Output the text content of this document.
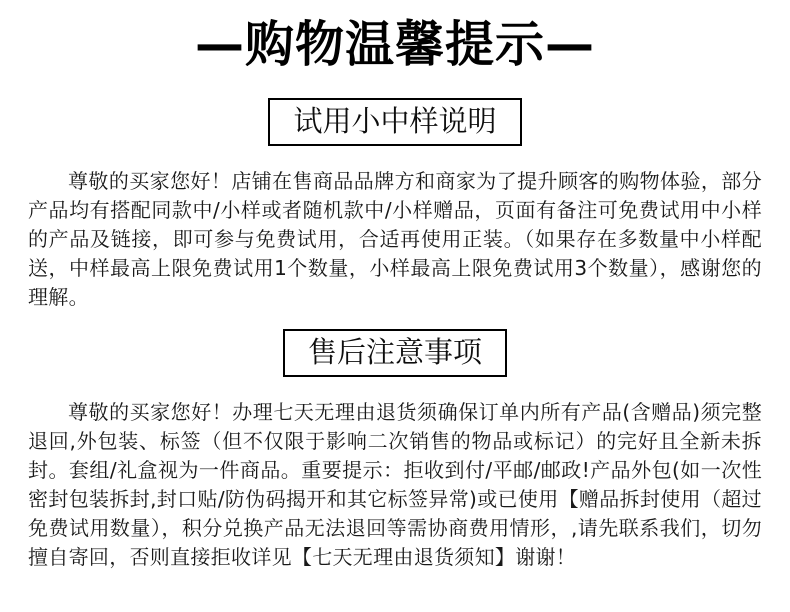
—购物温馨提示—
试用小中样说明

尊敬的买家您好！店铺在售商品品牌方和商家为了提升顾客的购物体验，部分产品均有搭配同款中/小样或者随机款中/小样赠品，页面有备注可免费试用中小样的产品及链接，即可参与免费试用，合适再使用正装。（如果存在多数量中小样配送，中样最高上限免费试用1个数量，小样最高上限免费试用3个数量），感谢您的理解。

售后注意事项

尊敬的买家您好！办理七天无理由退货须确保订单内所有产品(含赠品)须完整退回,外包装、标签（但不仅限于影响二次销售的物品或标记）的完好且全新未拆封。套组/礼盒视为一件商品。重要提示：拒收到付/平邮/邮政!产品外包(如一次性密封包装拆封,封口贴/防伪码揭开和其它标签异常)或已使用【赠品拆封使用（超过免费试用数量），积分兑换产品无法退回等需协商费用情形，,请先联系我们，切勿擅自寄回，否则直接拒收详见【七天无理由退货须知】谢谢！
